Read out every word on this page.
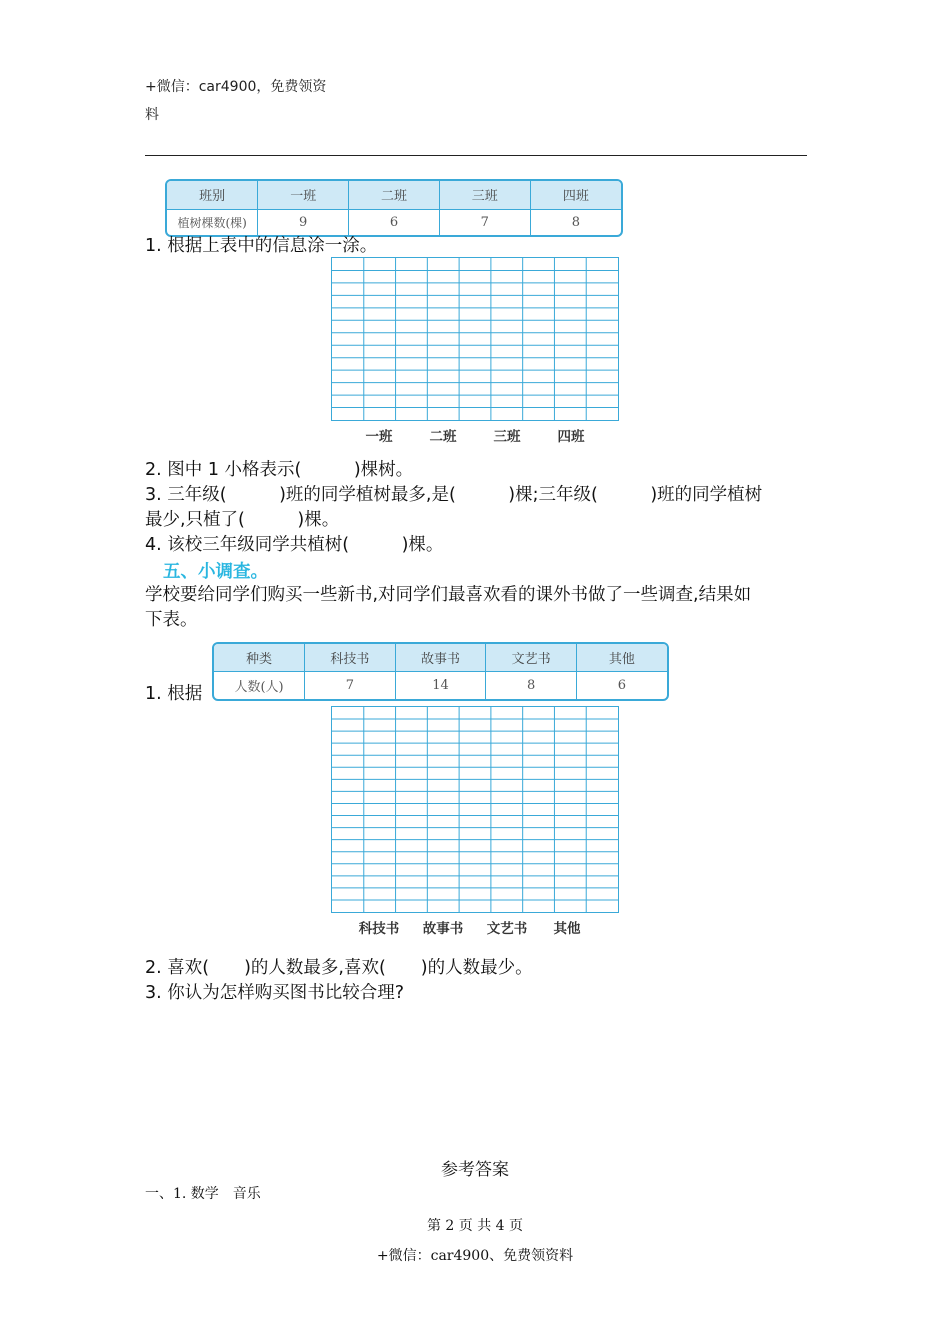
+微信：car4900，免费领资
料
班别	一班	二班	三班	四班
植树棵数(棵)	9	6	7	8
1. 根据上表中的信息涂一涂。
一班	二班	三班	四班
2. 图中 1 小格表示(　　　)棵树。
3. 三年级(　　　)班的同学植树最多,是(　　　)棵;三年级(　　　)班的同学植树
最少,只植了(　　　)棵。
4. 该校三年级同学共植树(　　　)棵。
五、小调查。
学校要给同学们购买一些新书,对同学们最喜欢看的课外书做了一些调查,结果如
下表。
种类	科技书	故事书	文艺书	其他
人数(人)	7	14	8	6
1. 根据
科技书	故事书	文艺书	其他
2. 喜欢(　　)的人数最多,喜欢(　　)的人数最少。
3. 你认为怎样购买图书比较合理?
参考答案
一、1. 数学　音乐
第 2 页 共 4 页
+微信：car4900、免费领资料
